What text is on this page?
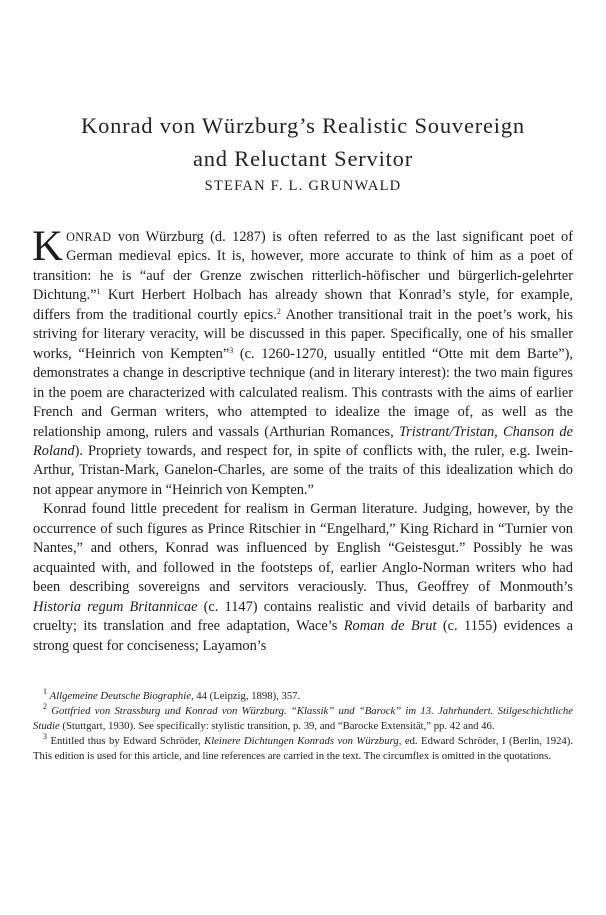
Konrad von Würzburg’s Realistic Souvereign
and Reluctant Servitor
STEFAN F. L. GRUNWALD

KONRAD von Würzburg (d. 1287) is often referred to as the last significant poet of German medieval epics. It is, however, more accurate to think of him as a poet of transition: he is “auf der Grenze zwischen ritterlich-höfischer und bürgerlich-gelehrter Dichtung.”$^1$ Kurt Herbert Holbach has already shown that Konrad’s style, for example, differs from the traditional courtly epics.$^2$ Another transitional trait in the poet’s work, his striving for literary veracity, will be discussed in this paper. Specifically, one of his smaller works, “Heinrich von Kempten”$^3$ (c. 1260-1270, usually entitled “Otte mit dem Barte”), demonstrates a change in descriptive technique (and in literary interest): the two main figures in the poem are characterized with calculated realism. This contrasts with the aims of earlier French and German writers, who attempted to idealize the image of, as well as the relationship among, rulers and vassals (Arthurian Romances, Tristrant/Tristan, Chanson de Roland). Propriety towards, and respect for, in spite of conflicts with, the ruler, e.g. Iwein-Arthur, Tristan-Mark, Ganelon-Charles, are some of the traits of this idealization which do not appear anymore in “Heinrich von Kempten.”

Konrad found little precedent for realism in German literature. Judging, however, by the occurrence of such figures as Prince Ritschier in “Engelhard,” King Richard in “Turnier von Nantes,” and others, Konrad was influenced by English “Geistesgut.” Possibly he was acquainted with, and followed in the footsteps of, earlier Anglo-Norman writers who had been describing sovereigns and servitors veraciously. Thus, Geoffrey of Monmouth’s Historia regum Britannicae (c. 1147) contains realistic and vivid details of barbarity and cruelty; its translation and free adaptation, Wace’s Roman de Brut (c. 1155) evidences a strong quest for conciseness; Layamon’s

$^1$ Allgemeine Deutsche Biographie, 44 (Leipzig, 1898), 357.

$^2$ Gottfried von Strassburg und Konrad von Würzburg. “Klassik” und “Barock” im 13. Jahrhundert. Stilgeschichtliche Studie (Stuttgart, 1930). See specifically: stylistic transition, p. 39, and “Barocke Extensität,” pp. 42 and 46.

$^3$ Entitled thus by Edward Schröder, Kleinere Dichtungen Konrads von Würzburg, ed. Edward Schröder, I (Berlin, 1924). This edition is used for this article, and line references are carried in the text. The circumflex is omitted in the quotations.
